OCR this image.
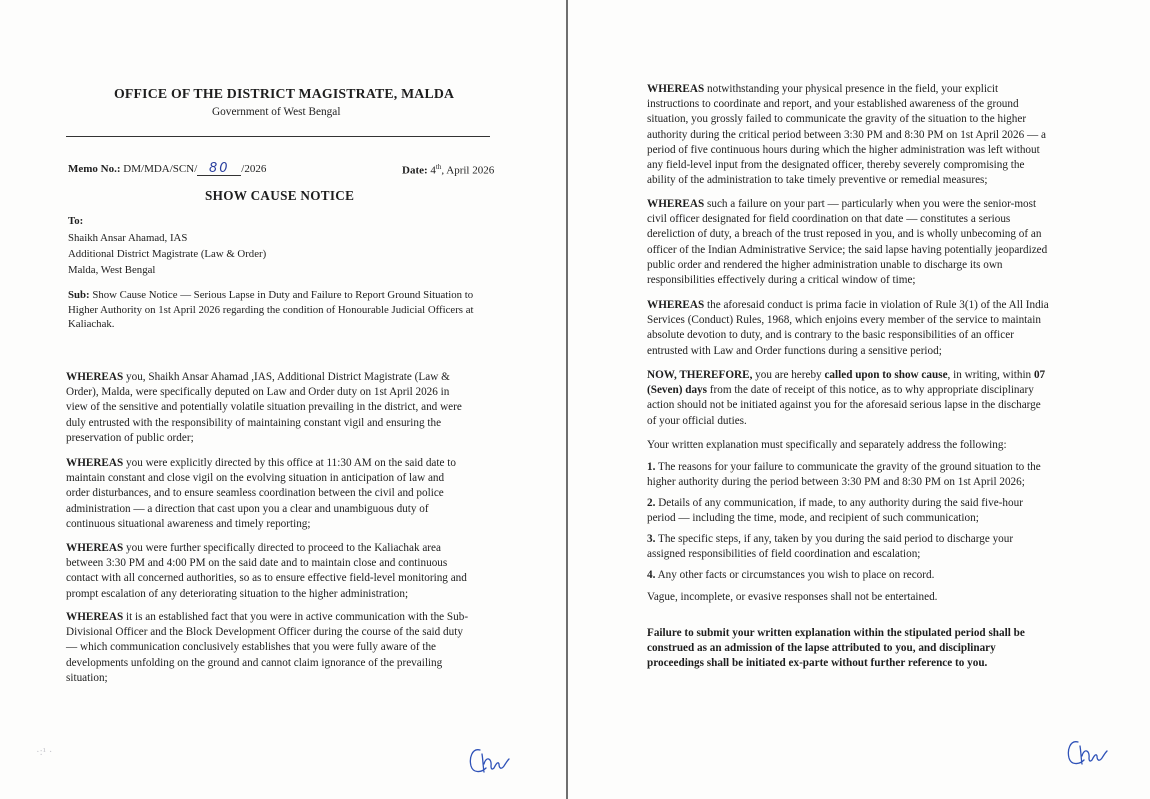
OFFICE OF THE DISTRICT MAGISTRATE, MALDA
Government of West Bengal
Memo No.: DM/MDA/SCN/ 80 /2026	Date: 4th, April 2026
SHOW CAUSE NOTICE
To:
Shaikh Ansar Ahamad, IAS
Additional District Magistrate (Law & Order)
Malda, West Bengal
Sub: Show Cause Notice — Serious Lapse in Duty and Failure to Report Ground Situation to
Higher Authority on 1st April 2026 regarding the condition of Honourable Judicial Officers at
Kaliachak.
WHEREAS you, Shaikh Ansar Ahamad ,IAS, Additional District Magistrate (Law &
Order), Malda, were specifically deputed on Law and Order duty on 1st April 2026 in
view of the sensitive and potentially volatile situation prevailing in the district, and were
duly entrusted with the responsibility of maintaining constant vigil and ensuring the
preservation of public order;
WHEREAS you were explicitly directed by this office at 11:30 AM on the said date to
maintain constant and close vigil on the evolving situation in anticipation of law and
order disturbances, and to ensure seamless coordination between the civil and police
administration — a direction that cast upon you a clear and unambiguous duty of
continuous situational awareness and timely reporting;
WHEREAS you were further specifically directed to proceed to the Kaliachak area
between 3:30 PM and 4:00 PM on the said date and to maintain close and continuous
contact with all concerned authorities, so as to ensure effective field-level monitoring and
prompt escalation of any deteriorating situation to the higher administration;
WHEREAS it is an established fact that you were in active communication with the Sub-
Divisional Officer and the Block Development Officer during the course of the said duty
— which communication conclusively establishes that you were fully aware of the
developments unfolding on the ground and cannot claim ignorance of the prevailing
situation;
·:¹ ·
WHEREAS notwithstanding your physical presence in the field, your explicit
instructions to coordinate and report, and your established awareness of the ground
situation, you grossly failed to communicate the gravity of the situation to the higher
authority during the critical period between 3:30 PM and 8:30 PM on 1st April 2026 — a
period of five continuous hours during which the higher administration was left without
any field-level input from the designated officer, thereby severely compromising the
ability of the administration to take timely preventive or remedial measures;
WHEREAS such a failure on your part — particularly when you were the senior-most
civil officer designated for field coordination on that date — constitutes a serious
dereliction of duty, a breach of the trust reposed in you, and is wholly unbecoming of an
officer of the Indian Administrative Service; the said lapse having potentially jeopardized
public order and rendered the higher administration unable to discharge its own
responsibilities effectively during a critical window of time;
WHEREAS the aforesaid conduct is prima facie in violation of Rule 3(1) of the All India
Services (Conduct) Rules, 1968, which enjoins every member of the service to maintain
absolute devotion to duty, and is contrary to the basic responsibilities of an officer
entrusted with Law and Order functions during a sensitive period;
NOW, THEREFORE, you are hereby called upon to show cause, in writing, within 07
(Seven) days from the date of receipt of this notice, as to why appropriate disciplinary
action should not be initiated against you for the aforesaid serious lapse in the discharge
of your official duties.
Your written explanation must specifically and separately address the following:
1. The reasons for your failure to communicate the gravity of the ground situation to the
higher authority during the period between 3:30 PM and 8:30 PM on 1st April 2026;
2. Details of any communication, if made, to any authority during the said five-hour
period — including the time, mode, and recipient of such communication;
3. The specific steps, if any, taken by you during the said period to discharge your
assigned responsibilities of field coordination and escalation;
4. Any other facts or circumstances you wish to place on record.
Vague, incomplete, or evasive responses shall not be entertained.
Failure to submit your written explanation within the stipulated period shall be
construed as an admission of the lapse attributed to you, and disciplinary
proceedings shall be initiated ex-parte without further reference to you.
